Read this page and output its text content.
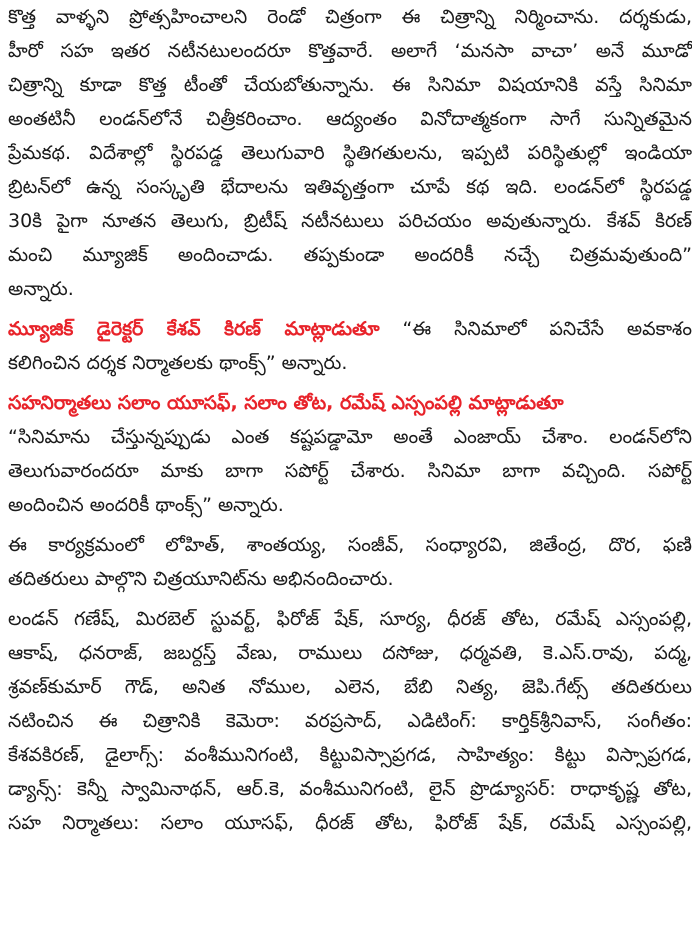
కొత్త వాళ్ళని ప్రోత్సహించాలని రెండో చిత్రంగా ఈ చిత్రాన్ని నిర్మించాను. దర్శకుడు,
హీరో సహ ఇతర నటీనటులందరూ కొత్తవారే. అలాగే ‘మనసా వాచా’ అనే మూడో
చిత్రాన్ని కూడా కొత్త టీంతో చేయబోతున్నాను. ఈ సినిమా విషయానికి వస్తే సినిమా
అంతటినీ లండన్‌లోనే చిత్రీకరించాం. ఆద్యంతం వినోదాత్మకంగా సాగే సున్నితమైన
ప్రేమకథ. విదేశాల్లో స్థిరపడ్డ తెలుగువారి స్థితిగతులను, ఇప్పటి పరిస్థితుల్లో ఇండియా
బ్రిటన్‌లో ఉన్న సంస్కృతి భేదాలను ఇతివృత్తంగా చూపే కథ ఇది. లండన్‌లో స్థిరపడ్డ
30కి పైగా నూతన తెలుగు, బ్రిటీష్ నటీనటులు పరిచయం అవుతున్నారు. కేశవ్ కిరణ్
మంచి మ్యూజిక్ అందించాడు. తప్పకుండా అందరికీ నచ్చే చిత్రమవుతుంది”
అన్నారు.
మ్యూజిక్ డైరెక్టర్ కేశవ్ కిరణ్ మాట్లాడుతూ “ఈ సినిమాలో పనిచేసే అవకాశం
కలిగించిన దర్శక నిర్మాతలకు థాంక్స్” అన్నారు.
సహనిర్మాతలు సలాం యూసఫ్, సలాం తోట, రమేష్ ఎస్సంపల్లి మాట్లాడుతూ
“సినిమాను చేస్తున్నప్పుడు ఎంత కష్టపడ్డామో అంతే ఎంజాయ్ చేశాం. లండన్‌లోని
తెలుగువారందరూ మాకు బాగా సపోర్ట్ చేశారు. సినిమా బాగా వచ్చింది. సపోర్ట్
అందించిన అందరికీ థాంక్స్” అన్నారు.
ఈ కార్యక్రమంలో లోహిత్, శాంతయ్య, సంజీవ్, సంధ్యారవి, జితేంద్ర, దొర, ఫణి
తదితరులు పాల్గొని చిత్రయూనిట్‌ను అభినందించారు.
లండన్ గణేష్, మిరబెల్ స్టువర్ట్, ఫిరోజ్ షేక్, సూర్య, ధీరజ్ తోట, రమేష్ ఎస్సంపల్లి,
ఆకాష్, ధనరాజ్, జబర్దస్త్ వేణు, రాములు దసోజు, ధర్మవతి, కె.ఎస్.రావు, పద్మ,
శ్రవణ్‌కుమార్ గౌడ్, అనిత నోముల, ఎలెన, బేబి నిత్య, జెపి.గేట్స్ తదితరులు
నటించిన ఈ చిత్రానికి కెమెరా: వరప్రసాద్, ఎడిటింగ్: కార్తిక్‌శ్రీనివాస్, సంగీతం:
కేశవకిరణ్, డైలాగ్స్: వంశీమునిగంటి, కిట్టువిస్సాప్రగడ, సాహిత్యం: కిట్టు విస్సాప్రగడ,
డ్యాన్స్: కెన్నీ స్వామినాథన్, ఆర్.కె, వంశీమునిగంటి, లైన్ ప్రొడ్యూసర్: రాధాకృష్ణ తోట,
సహ నిర్మాతలు: సలాం యూసఫ్, ధీరజ్ తోట, ఫిరోజ్ షేక్, రమేష్ ఎస్సంపల్లి,
